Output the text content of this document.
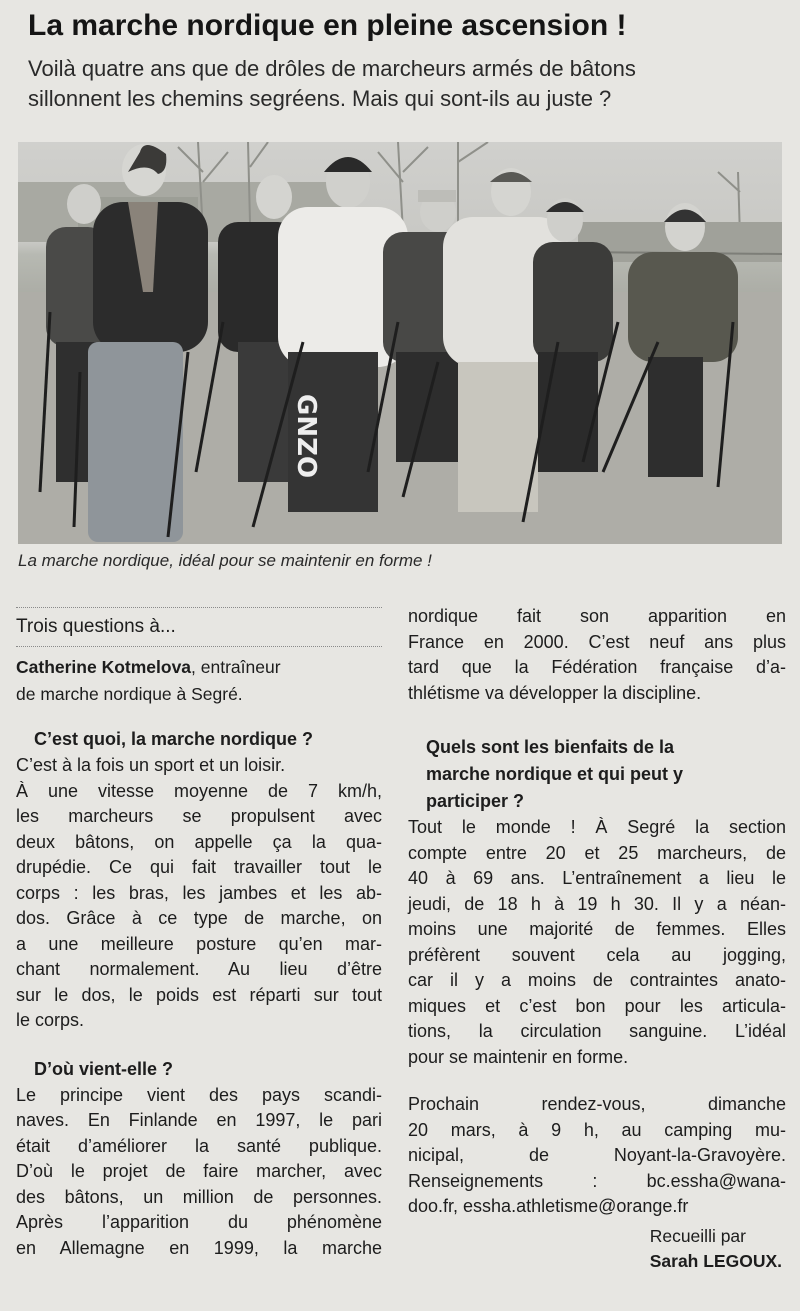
La marche nordique en pleine ascension !
Voilà quatre ans que de drôles de marcheurs armés de bâtons
sillonnent les chemins segréens. Mais qui sont-ils au juste ?
GNZO
La marche nordique, idéal pour se maintenir en forme !
Trois questions à...
Catherine Kotmelova, entraîneur
de marche nordique à Segré.
C’est quoi, la marche nordique ?
C’est à la fois un sport et un loisir.
À une vitesse moyenne de 7 km/h,
les marcheurs se propulsent avec
deux bâtons, on appelle ça la qua-
drupédie. Ce qui fait travailler tout le
corps : les bras, les jambes et les ab-
dos. Grâce à ce type de marche, on
a une meilleure posture qu’en mar-
chant normalement. Au lieu d’être
sur le dos, le poids est réparti sur tout
le corps.
D’où vient-elle ?
Le principe vient des pays scandi-
naves. En Finlande en 1997, le pari
était d’améliorer la santé publique.
D’où le projet de faire marcher, avec
des bâtons, un million de personnes.
Après l’apparition du phénomène
en Allemagne en 1999, la marche
nordique fait son apparition en
France en 2000. C’est neuf ans plus
tard que la Fédération française d’a-
thlétisme va développer la discipline.
Quels sont les bienfaits de la
marche nordique et qui peut y
participer ?
Tout le monde ! À Segré la section
compte entre 20 et 25 marcheurs, de
40 à 69 ans. L’entraînement a lieu le
jeudi, de 18 h à 19 h 30. Il y a néan-
moins une majorité de femmes. Elles
préfèrent souvent cela au jogging,
car il y a moins de contraintes anato-
miques et c’est bon pour les articula-
tions, la circulation sanguine. L’idéal
pour se maintenir en forme.
Prochain rendez-vous, dimanche
20 mars, à 9 h, au camping mu-
nicipal, de Noyant-la-Gravoyère.
Renseignements : bc.essha@wana-
doo.fr, essha.athletisme@orange.fr
Recueilli par
Sarah LEGOUX.
